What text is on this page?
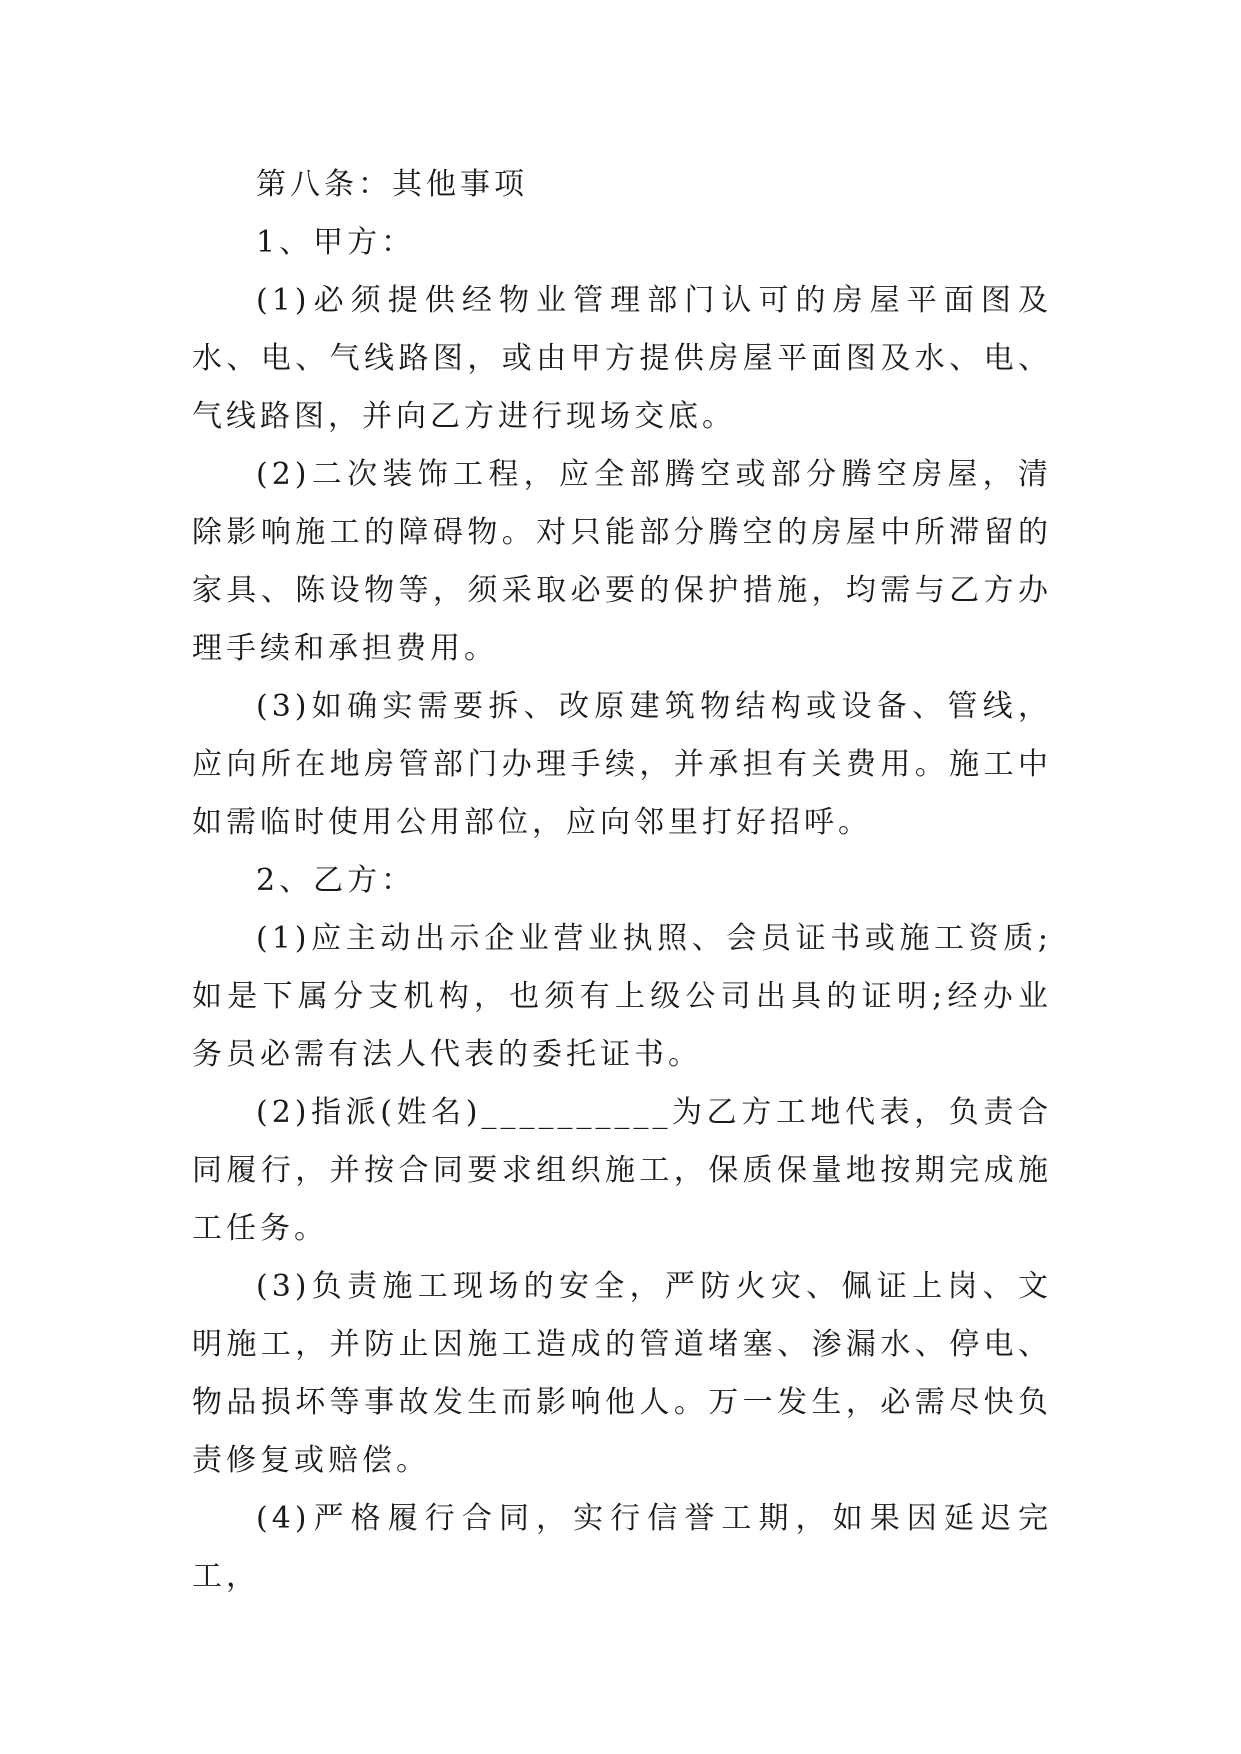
第八条：其他事项

1、甲方：

(1)必须提供经物业管理部门认可的房屋平面图及水、电、气线路图，或由甲方提供房屋平面图及水、电、气线路图，并向乙方进行现场交底。

(2)二次装饰工程，应全部腾空或部分腾空房屋，清除影响施工的障碍物。对只能部分腾空的房屋中所滞留的家具、陈设物等，须采取必要的保护措施，均需与乙方办理手续和承担费用。

(3)如确实需要拆、改原建筑物结构或设备、管线，应向所在地房管部门办理手续，并承担有关费用。施工中如需临时使用公用部位，应向邻里打好招呼。

2、乙方：

(1)应主动出示企业营业执照、会员证书或施工资质;如是下属分支机构，也须有上级公司出具的证明;经办业务员必需有法人代表的委托证书。

(2)指派(姓名)__________为乙方工地代表，负责合同履行，并按合同要求组织施工，保质保量地按期完成施工任务。

(3)负责施工现场的安全，严防火灾、佩证上岗、文明施工，并防止因施工造成的管道堵塞、渗漏水、停电、物品损坏等事故发生而影响他人。万一发生，必需尽快负责修复或赔偿。

(4)严格履行合同，实行信誉工期，如果因延迟完工，
